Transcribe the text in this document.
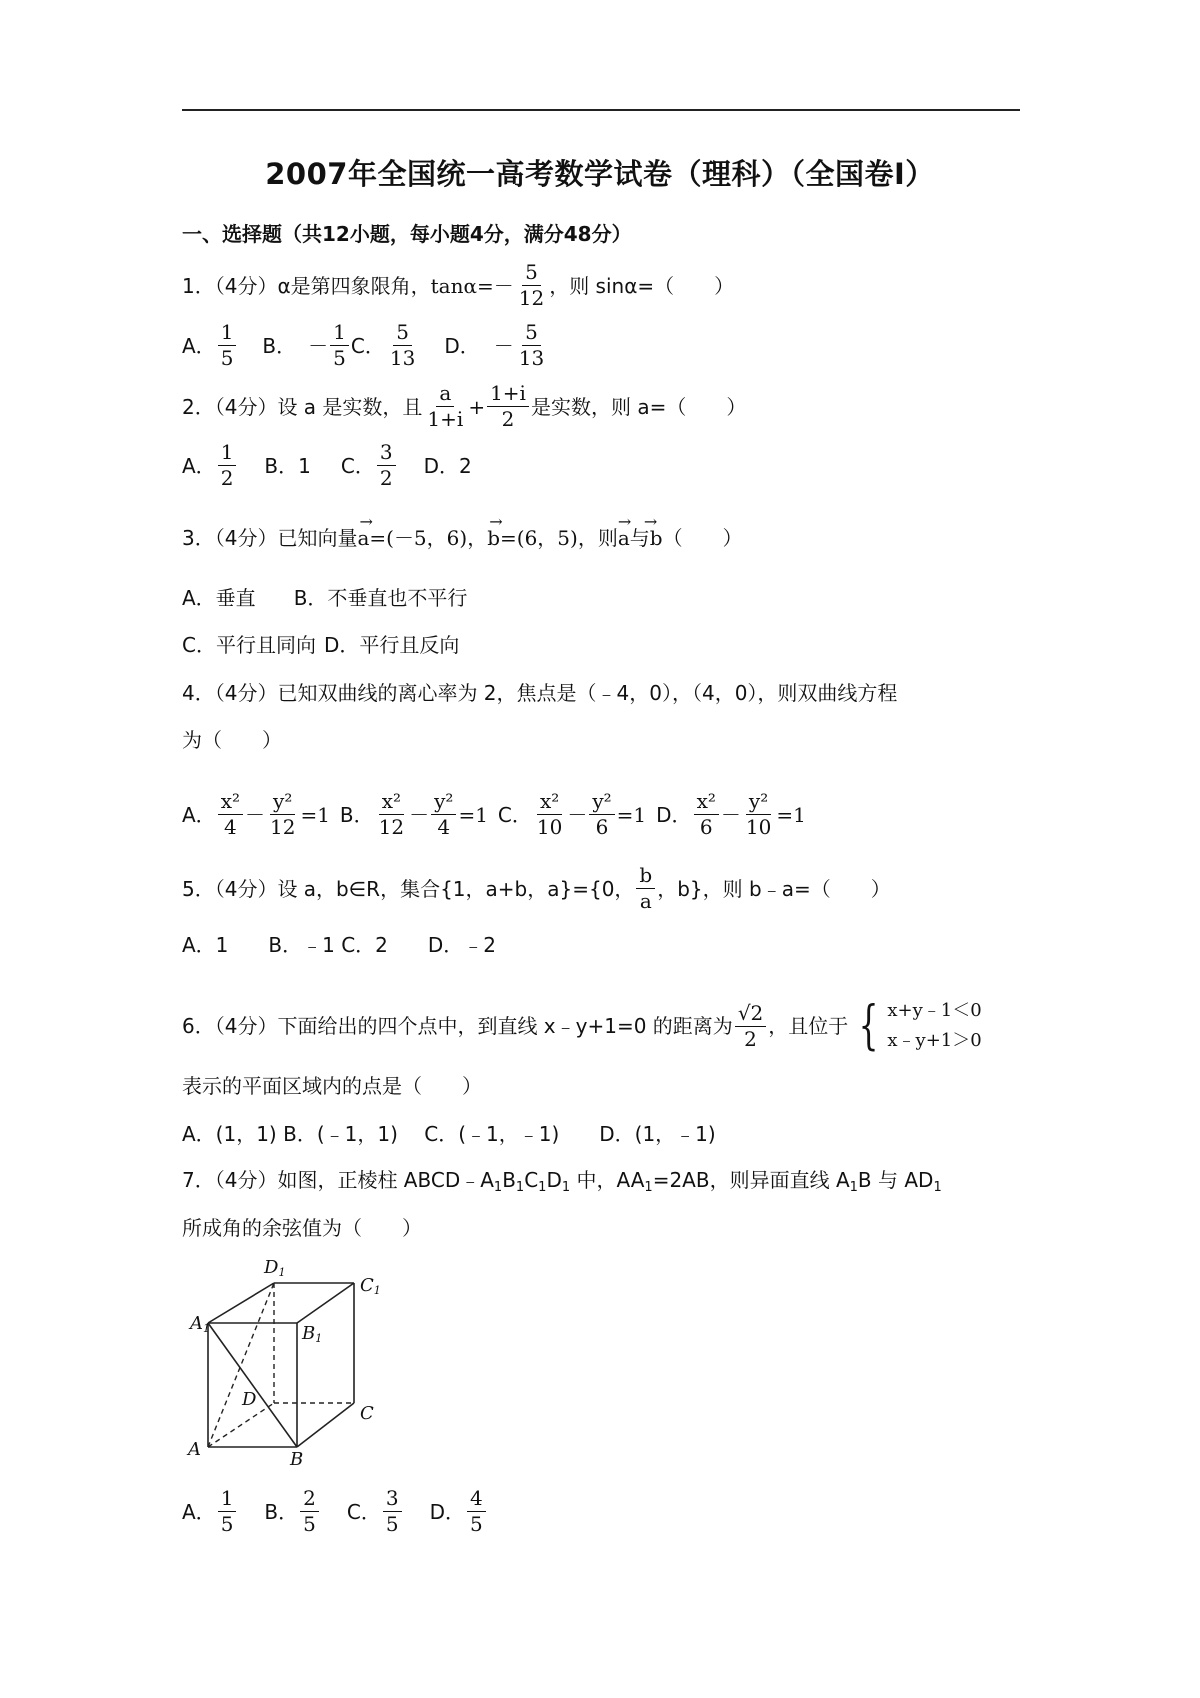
2007年全国统一高考数学试卷（理科）（全国卷Ⅰ）
一、选择题（共12小题，每小题4分，满分48分）
1．（4分）α是第四象限角， $\tan\alpha=- \frac{5}{12}$ ，则 sinα=（　　）
A． $\frac{1}{5}$ B． － $\frac{1}{5}$ C． $\frac{5}{13}$ D． － $\frac{5}{13}$
2．（4分）设 a 是实数，且 $\frac{a}{1+i} + \frac{1+i}{2}$ 是实数，则 a=（　　）
A． $\frac{1}{2}$ B．1 C． $\frac{3}{2}$ D．2
3．（4分）已知向量
→
a=(－5，6) ，
→
b=(6，5) ，则
→ →
a与b （　　）
A．垂直 B．不垂直也不平行
C．平行且同向 D．平行且反向
4．（4分）已知双曲线的离心率为 2，焦点是（﹣4，0），（4，0），则双曲线方程
为（　　）
A． $\frac{\text{x²}}{4} - \frac{\text{y²}}{12} =1$ B． $\frac{\text{x²}}{12} - \frac{\text{y²}}{4} =1$ C． $\frac{\text{x²}}{10} - \frac{\text{y²}}{6} =1$ D． $\frac{\text{x²}}{6} - \frac{\text{y²}}{10} =1$
5．（4分）设 a，b∈R，集合{1，a+b，a}={0， $\frac{b}{a}$ ，b}，则 b﹣a=（　　）
A．1　　B．﹣1 C．2　　D．﹣2
6．（4分）下面给出的四个点中，到直线 x﹣y+1=0 的距离为 $\frac{√2}{2}$ ，且位于 { x+y﹣1＜0
x﹣y+1＞0
表示的平面区域内的点是（　　）
A．(1，1) B．(﹣1，1)　 C．(﹣1，﹣1)　　D．(1，﹣1)
7．（4分）如图，正棱柱 $ABCD﹣A_1B_1C_1D_1$ 中，$AA_1=2AB$，则异面直线 $A_1B$ 与 $AD_1$
所成角的余弦值为（　　）
A1
D1
C1
B1
D
C
A	B
A． $\frac{1}{5}$ B． $\frac{2}{5}$ C． $\frac{3}{5}$ D． $\frac{4}{5}$
